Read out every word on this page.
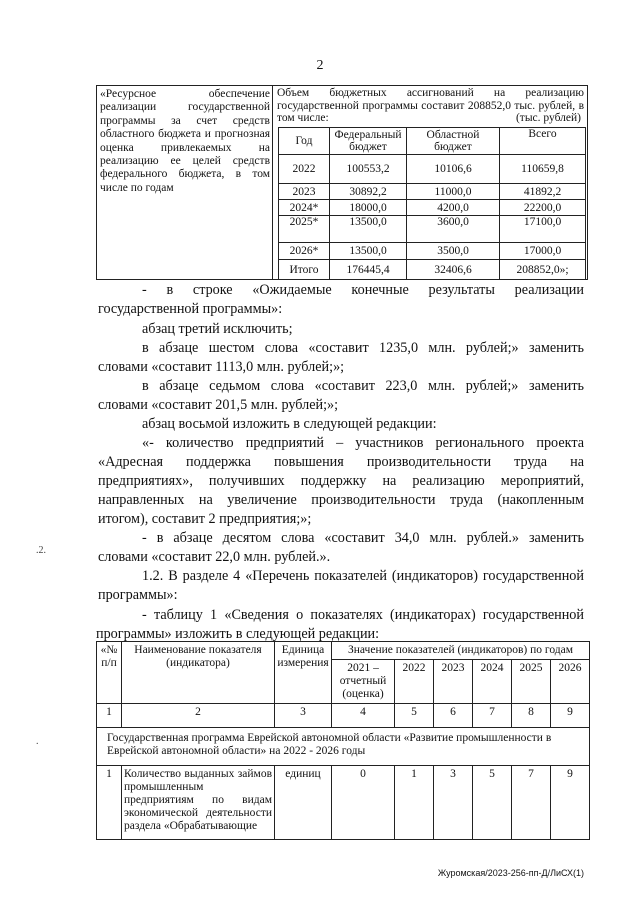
2
«Ресурсное обеспечение реализации государственной программы за счет средств областного бюджета и прогнозная оценка привлекаемых на реализацию ее целей средств федерального бюджета, в том числе по годам
Объем бюджетных ассигнований на реализацию государственной программы составит 208852,0 тыс. рублей, в том числе:	(тыс. рублей)
Год	Федеральный бюджет	Областной бюджет	Всего
2022	100553,2	10106,6	110659,8
2023	30892,2	11000,0	41892,2
2024*	18000,0	4200,0	22200,0
2025*	13500,0	3600,0	17100,0
2026*	13500,0	3500,0	17000,0
Итого	176445,4	32406,6	208852,0»;
- в строке «Ожидаемые конечные результаты реализации
государственной программы»:
абзац третий исключить;
в абзаце шестом слова «составит 1235,0 млн. рублей;» заменить
словами «составит 1113,0 млн. рублей;»;
в абзаце седьмом слова «составит 223,0 млн. рублей;» заменить
словами «составит 201,5 млн. рублей;»;
абзац восьмой изложить в следующей редакции:
«- количество предприятий – участников регионального проекта
«Адресная поддержка повышения производительности труда на
предприятиях», получивших поддержку на реализацию мероприятий,
направленных на увеличение производительности труда (накопленным
итогом), составит 2 предприятия;»;
- в абзаце десятом слова «составит 34,0 млн. рублей.» заменить
словами «составит 22,0 млн. рублей.».
1.2. В разделе 4 «Перечень показателей (индикаторов) государственной
программы»:
.2.
.
- таблицу 1 «Сведения о показателях (индикаторах) государственной
программы» изложить в следующей редакции:
«№ п/п	Наименование показателя (индикатора)	Единица измерения	Значение показателей (индикаторов) по годам					
			2021 – отчетный (оценка)	2022	2023	2024	2025	2026
1	2	3	4	5	6	7	8	9
Государственная программа Еврейской автономной области «Развитие промышленности в Еврейской автономной области» на 2022 - 2026 годы								
1	Количество выданных займов промышленным предприятиям по видам экономической деятельности раздела «Обрабатывающие	единиц	0	1	3	5	7	9
Журомская/2023-256-пп-Д/ЛиСХ(1)
